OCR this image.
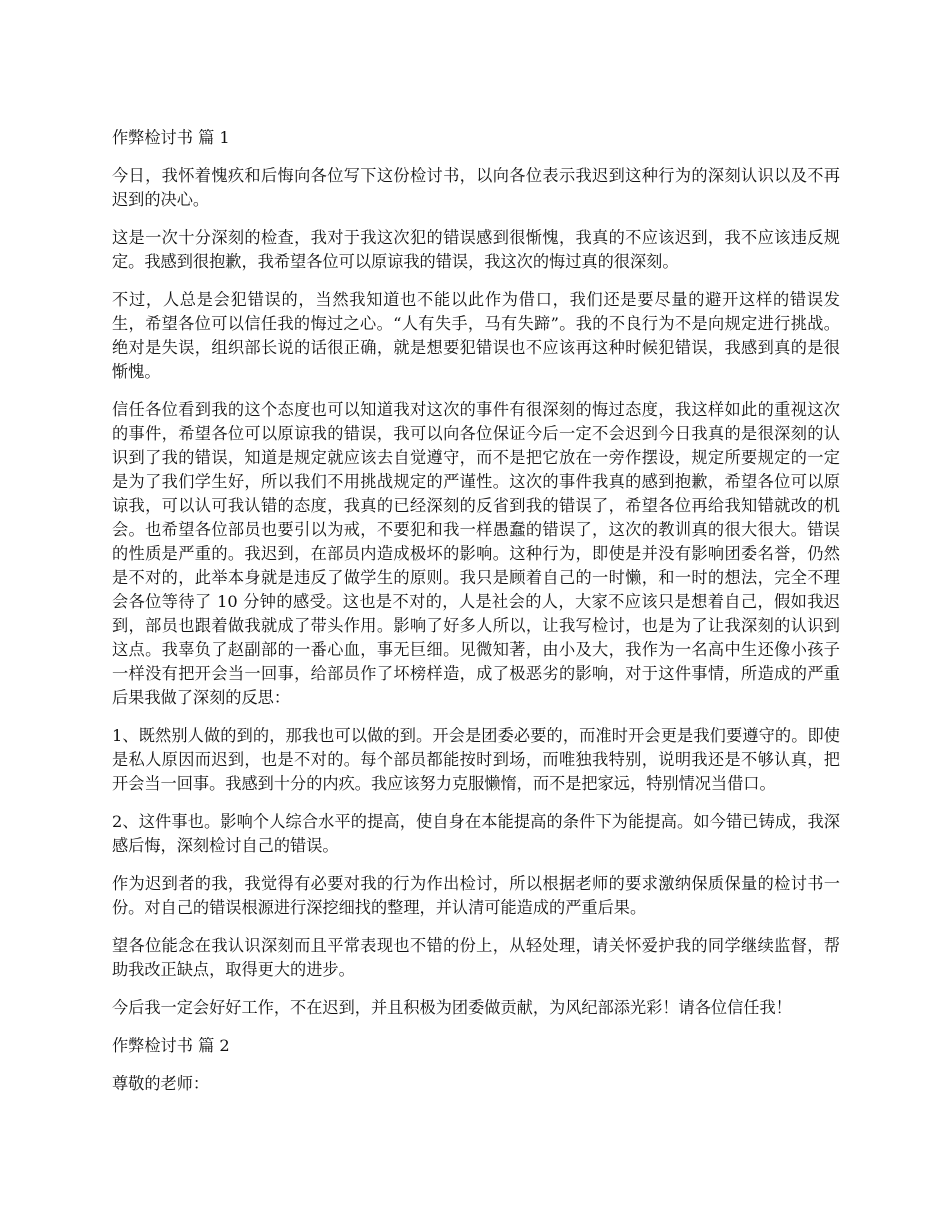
作弊检讨书 篇 1

今日，我怀着愧疚和后悔向各位写下这份检讨书，以向各位表示我迟到这种行为的深刻认识以及不再迟到的决心。

这是一次十分深刻的检查，我对于我这次犯的错误感到很惭愧，我真的不应该迟到，我不应该违反规定。我感到很抱歉，我希望各位可以原谅我的错误，我这次的悔过真的很深刻。

不过，人总是会犯错误的，当然我知道也不能以此作为借口，我们还是要尽量的避开这样的错误发生，希望各位可以信任我的悔过之心。“人有失手，马有失蹄”。我的不良行为不是向规定进行挑战。绝对是失误，组织部长说的话很正确，就是想要犯错误也不应该再这种时候犯错误，我感到真的是很惭愧。

信任各位看到我的这个态度也可以知道我对这次的事件有很深刻的悔过态度，我这样如此的重视这次的事件，希望各位可以原谅我的错误，我可以向各位保证今后一定不会迟到今日我真的是很深刻的认识到了我的错误，知道是规定就应该去自觉遵守，而不是把它放在一旁作摆设，规定所要规定的一定是为了我们学生好，所以我们不用挑战规定的严谨性。这次的事件我真的感到抱歉，希望各位可以原谅我，可以认可我认错的态度，我真的已经深刻的反省到我的错误了，希望各位再给我知错就改的机会。也希望各位部员也要引以为戒，不要犯和我一样愚蠢的错误了，这次的教训真的很大很大。错误的性质是严重的。我迟到，在部员内造成极坏的影响。这种行为，即使是并没有影响团委名誉，仍然是不对的，此举本身就是违反了做学生的原则。我只是顾着自己的一时懒，和一时的想法，完全不理会各位等待了 10 分钟的感受。这也是不对的，人是社会的人，大家不应该只是想着自己，假如我迟到，部员也跟着做我就成了带头作用。影响了好多人所以，让我写检讨，也是为了让我深刻的认识到这点。我辜负了赵副部的一番心血，事无巨细。见微知著，由小及大，我作为一名高中生还像小孩子一样没有把开会当一回事，给部员作了坏榜样造，成了极恶劣的影响，对于这件事情，所造成的严重后果我做了深刻的反思：

1、既然别人做的到的，那我也可以做的到。开会是团委必要的，而准时开会更是我们要遵守的。即使是私人原因而迟到，也是不对的。每个部员都能按时到场，而唯独我特别，说明我还是不够认真，把开会当一回事。我感到十分的内疚。我应该努力克服懒惰，而不是把家远，特别情况当借口。

2、这件事也。影响个人综合水平的提高，使自身在本能提高的条件下为能提高。如今错已铸成，我深感后悔，深刻检讨自己的错误。

作为迟到者的我，我觉得有必要对我的行为作出检讨，所以根据老师的要求激纳保质保量的检讨书一份。对自己的错误根源进行深挖细找的整理，并认清可能造成的严重后果。

望各位能念在我认识深刻而且平常表现也不错的份上，从轻处理，请关怀爱护我的同学继续监督，帮助我改正缺点，取得更大的进步。

今后我一定会好好工作，不在迟到，并且积极为团委做贡献，为风纪部添光彩！请各位信任我！

作弊检讨书 篇 2

尊敬的老师：
